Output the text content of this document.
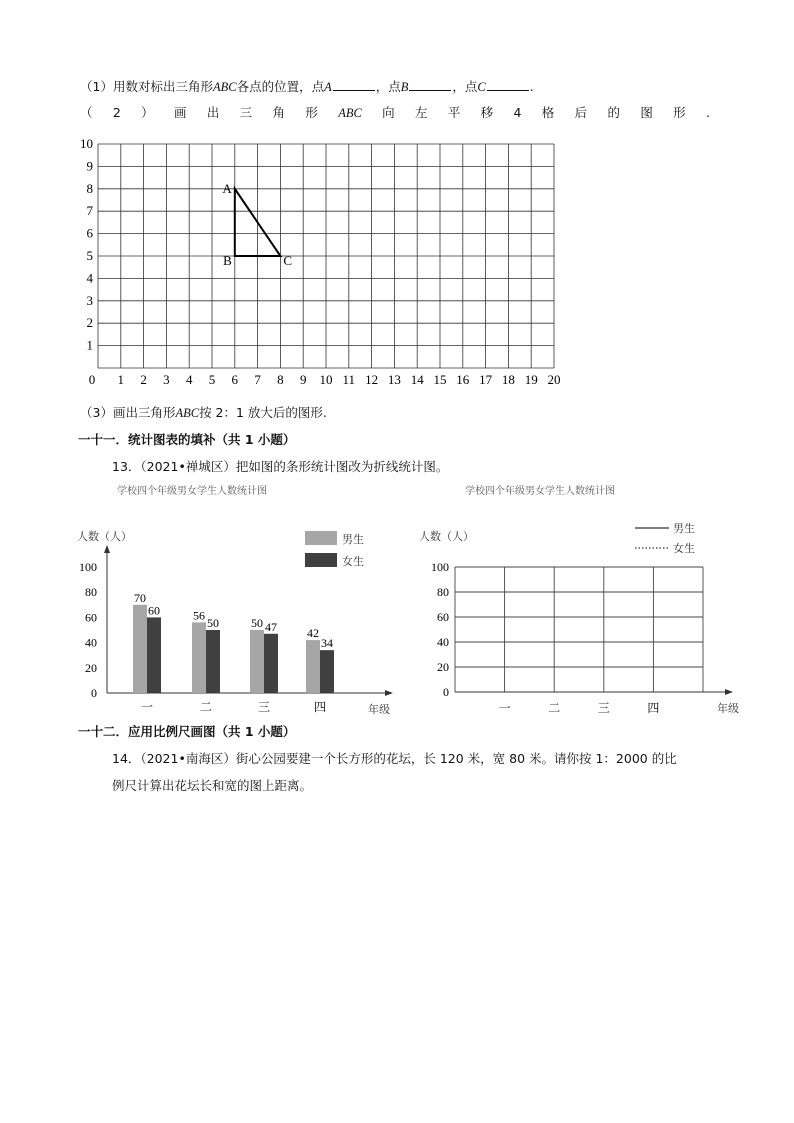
（1）用数对标出三角形ABC各点的位置，点A	，点B	，点C	.
（ 2 ） 画 出 三 角 形 ABC 向 左 平 移 4 格 后 的 图 形 .
0 1 2 3 4 5 6 7 8 9 10 11 12 13 14 15 16 17 18 19 20
1
2
3
4
5
6
7
8
9
10
A
B	C
（3）画出三角形ABC按 2：1 放大后的图形.
一十一．统计图表的填补（共 1 小题）
13．（2021•禅城区）把如图的条形统计图改为折线统计图。
学校四个年级男女学生人数统计图
人数（人）
0
20
40
60
80
100
70
60
一
56
50
二
50 47
三
42
34
四	年级
男生
女生
学校四个年级男女学生人数统计图
人数（人）
0
20
40
60
80
100
一	二	三	四	年级
男生
女生
一十二．应用比例尺画图（共 1 小题）
14．（2021•南海区）街心公园要建一个长方形的花坛，长 120 米，宽 80 米。请你按 1：2000 的比
例尺计算出花坛长和宽的图上距离。
